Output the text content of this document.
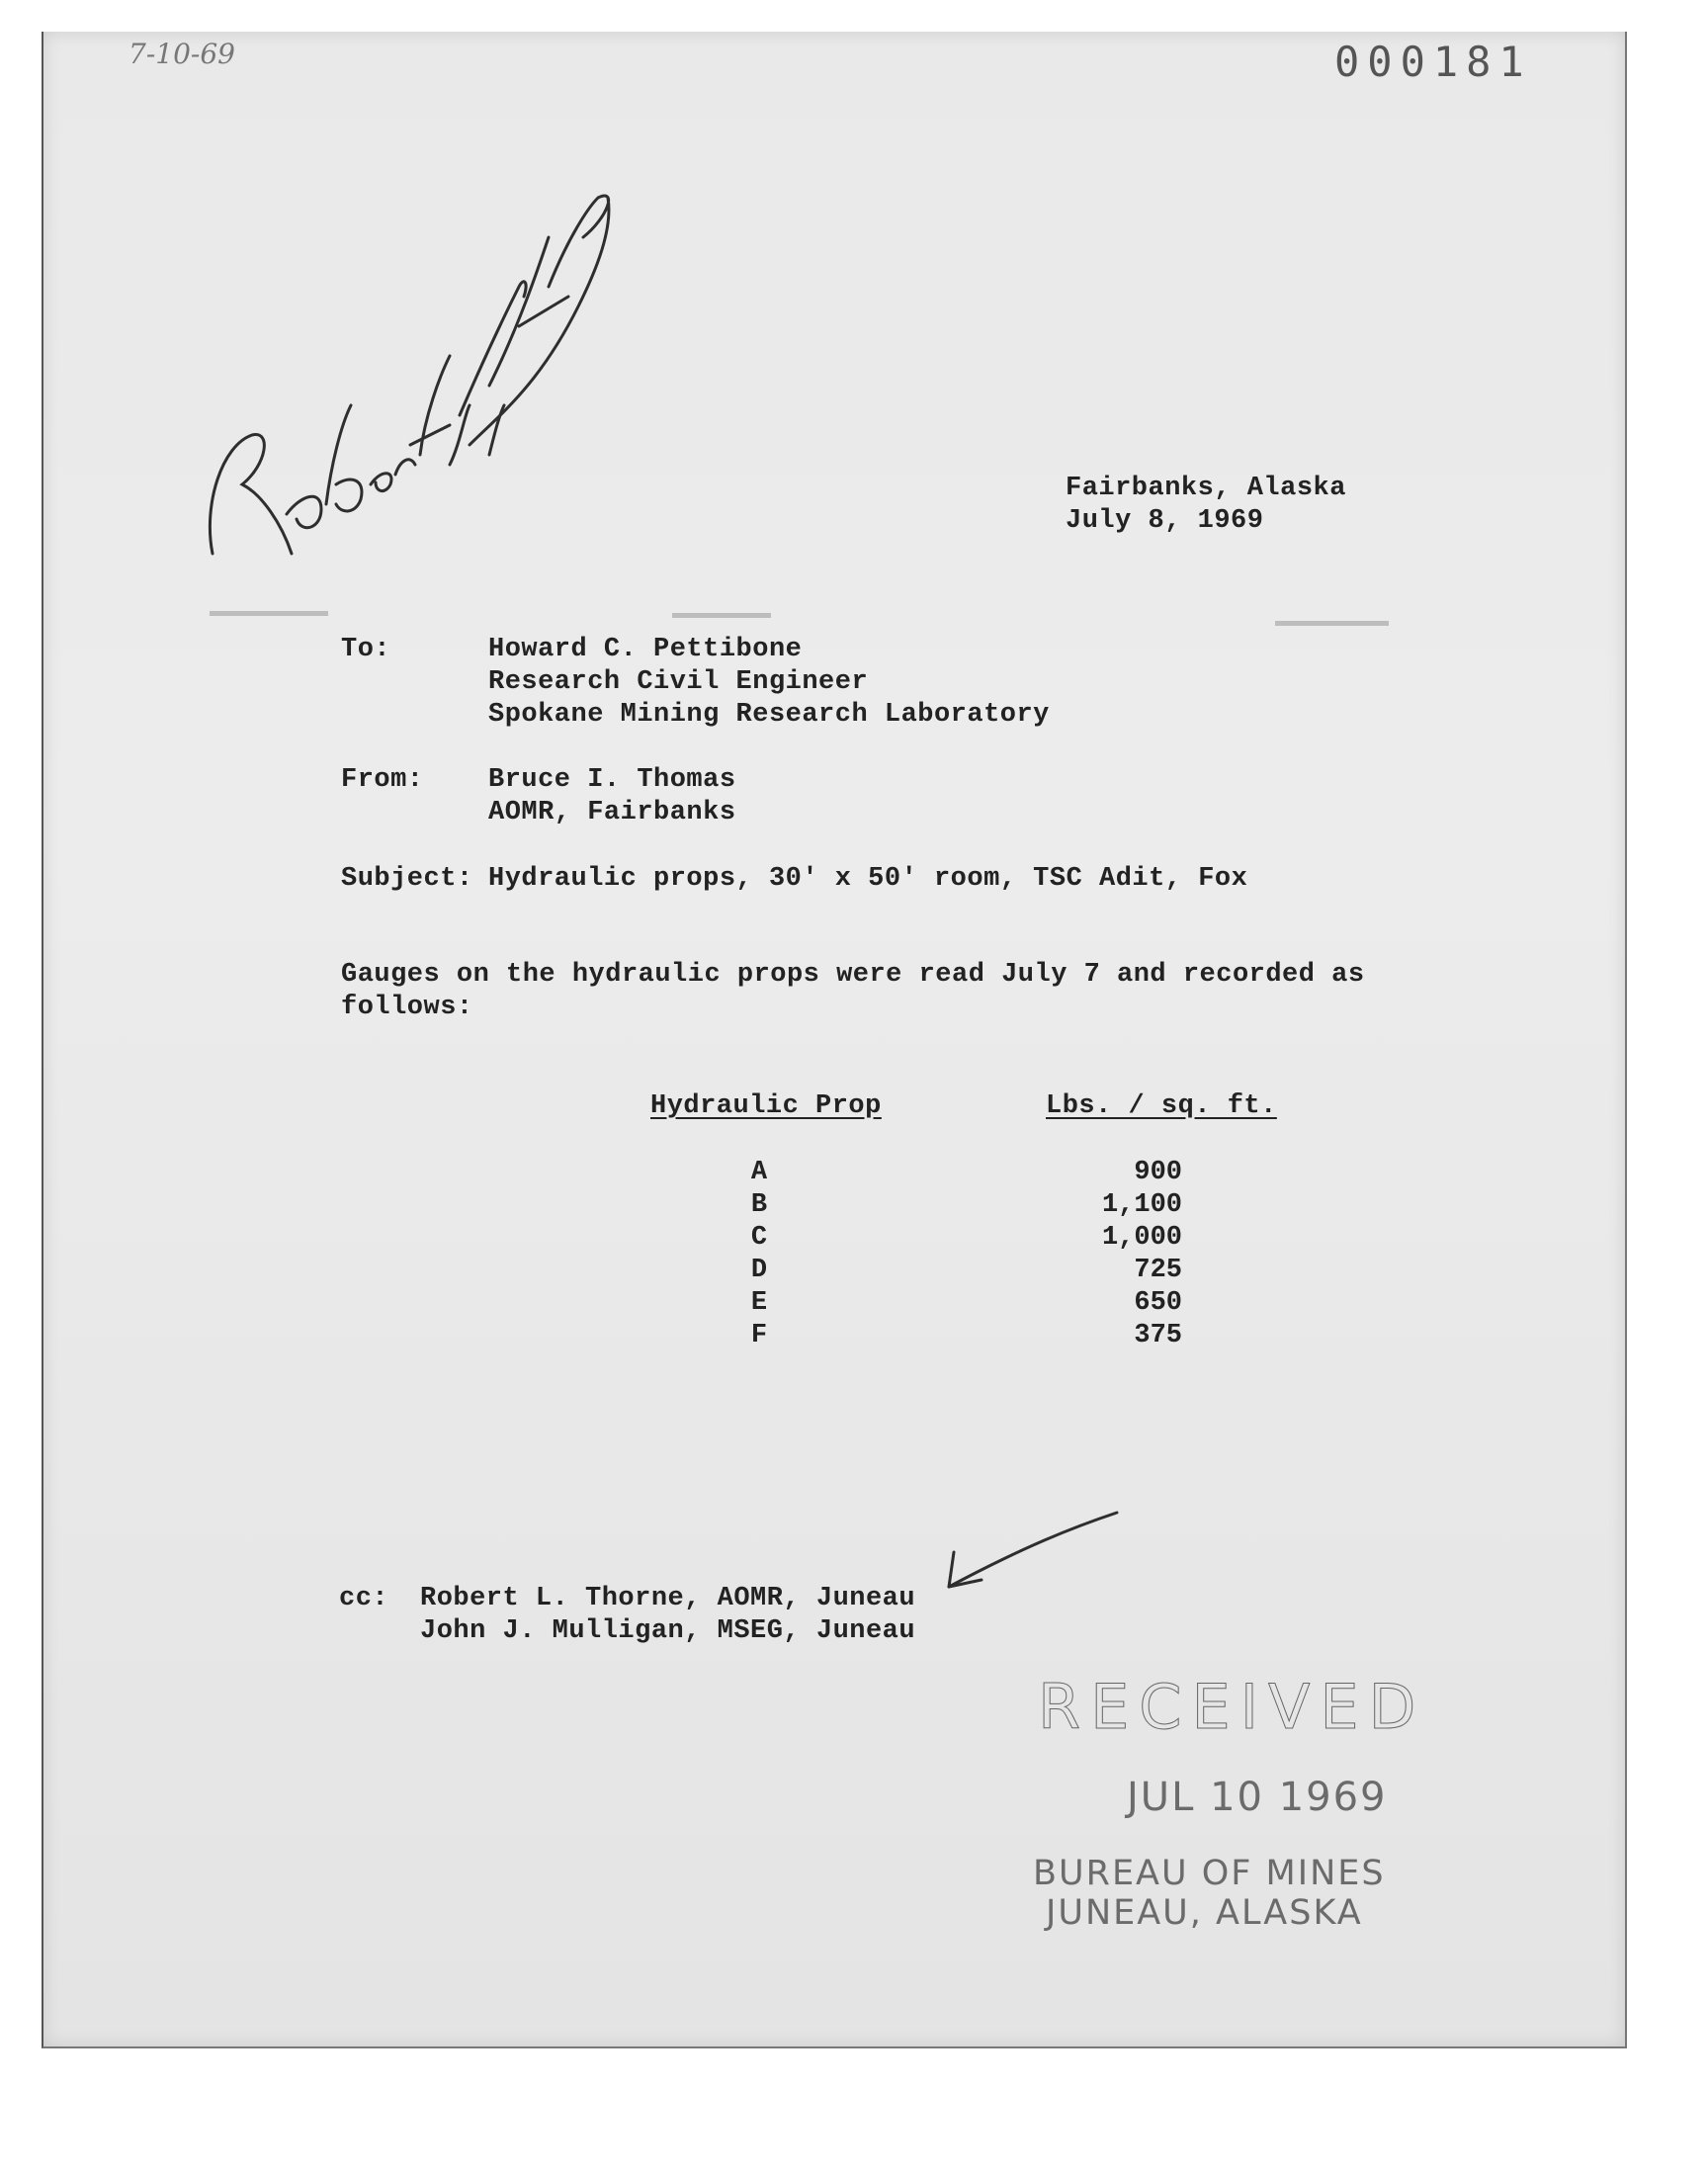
7-10-69	000181
Fairbanks, Alaska
July 8, 1969
To:	Howard C. Pettibone
Research Civil Engineer
Spokane Mining Research Laboratory
From: Bruce I. Thomas
AOMR, Fairbanks
Subject: Hydraulic props, 30' x 50' room, TSC Adit, Fox
Gauges on the hydraulic props were read July 7 and recorded as
follows:
Hydraulic Prop	Lbs. / sq. ft.
A	900
B	1,100
C	1,000
D	725
E	650
F	375
cc: Robert L. Thorne, AOMR, Juneau
John J. Mulligan, MSEG, Juneau
RECEIVED
JUL 10 1969
BUREAU OF MINES
JUNEAU, ALASKA
